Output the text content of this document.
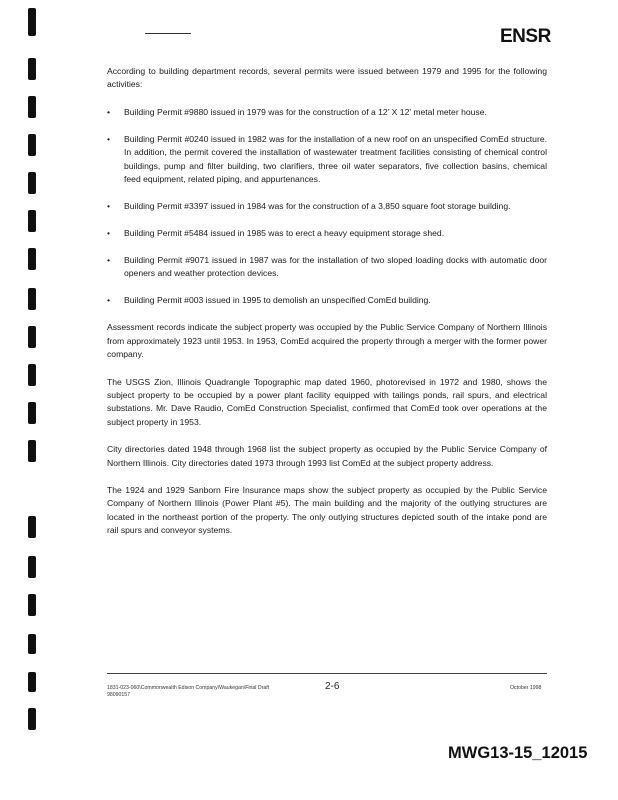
ENSR

According to building department records, several permits were issued between 1979 and 1995 for the following activities:

• Building Permit #9880 issued in 1979 was for the construction of a 12’ X 12’ metal meter house.
• Building Permit #0240 issued in 1982 was for the installation of a new roof on an unspecified ComEd structure. In addition, the permit covered the installation of wastewater treatment facilities consisting of chemical control buildings, pump and filter building, two clarifiers, three oil water separators, five collection basins, chemical feed equipment, related piping, and appurtenances.
• Building Permit #3397 issued in 1984 was for the construction of a 3,850 square foot storage building.
• Building Permit #5484 issued in 1985 was to erect a heavy equipment storage shed.
• Building Permit #9071 issued in 1987 was for the installation of two sloped loading docks with automatic door openers and weather protection devices.
• Building Permit #003 issued in 1995 to demolish an unspecified ComEd building.

Assessment records indicate the subject property was occupied by the Public Service Company of Northern Illinois from approximately 1923 until 1953. In 1953, ComEd acquired the property through a merger with the former power company.

The USGS Zion, Illinois Quadrangle Topographic map dated 1960, photorevised in 1972 and 1980, shows the subject property to be occupied by a power plant facility equipped with tailings ponds, rail spurs, and electrical substations. Mr. Dave Raudio, ComEd Construction Specialist, confirmed that ComEd took over operations at the subject property in 1953.

City directories dated 1948 through 1968 list the subject property as occupied by the Public Service Company of Northern Illinois. City directories dated 1973 through 1993 list ComEd at the subject property address.

The 1924 and 1929 Sanborn Fire Insurance maps show the subject property as occupied by the Public Service Company of Northern Illinois (Power Plant #5). The main building and the majority of the outlying structures are located in the northeast portion of the property. The only outlying structures depicted south of the intake pond are rail spurs and conveyor systems.

1831-023-060\Commonwealth Edison Company\Waukegan\Final Draft
98090157
2-6	October 1998
MWG13-15_12015
